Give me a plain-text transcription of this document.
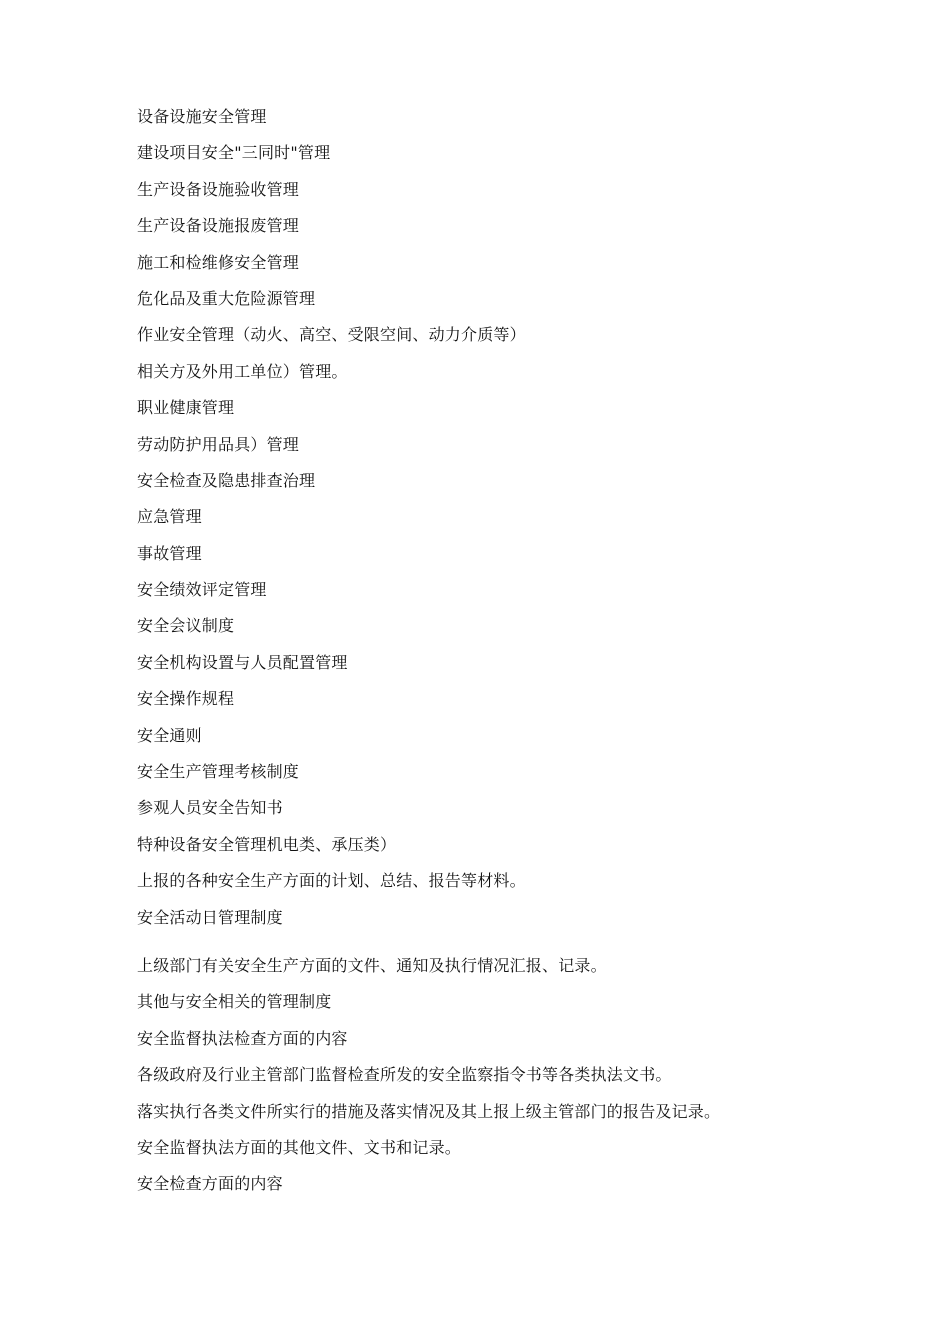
设备设施安全管理
建设项目安全"三同时"管理
生产设备设施验收管理
生产设备设施报废管理
施工和检维修安全管理
危化品及重大危险源管理
作业安全管理（动火、高空、受限空间、动力介质等）
相关方及外用工单位）管理。
职业健康管理
劳动防护用品具）管理
安全检查及隐患排查治理
应急管理
事故管理
安全绩效评定管理
安全会议制度
安全机构设置与人员配置管理
安全操作规程
安全通则
安全生产管理考核制度
参观人员安全告知书
特种设备安全管理机电类、承压类）
上报的各种安全生产方面的计划、总结、报告等材料。
安全活动日管理制度
上级部门有关安全生产方面的文件、通知及执行情况汇报、记录。
其他与安全相关的管理制度
安全监督执法检查方面的内容
各级政府及行业主管部门监督检查所发的安全监察指令书等各类执法文书。
落实执行各类文件所实行的措施及落实情况及其上报上级主管部门的报告及记录。
安全监督执法方面的其他文件、文书和记录。
安全检查方面的内容
